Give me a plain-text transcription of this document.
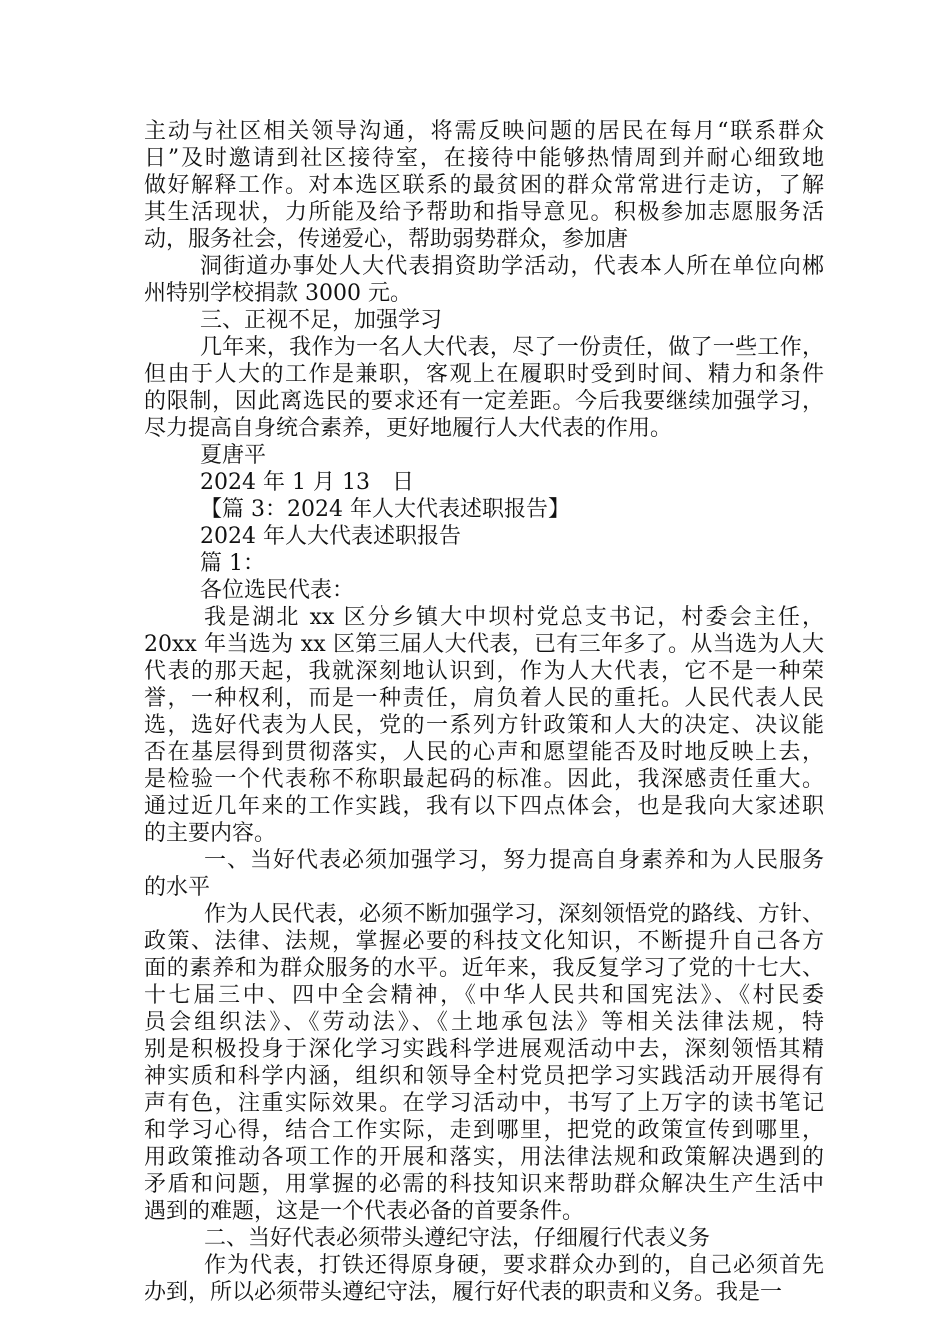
主动与社区相关领导沟通，将需反映问题的居民在每月“联系群众
日”及时邀请到社区接待室，在接待中能够热情周到并耐心细致地
做好解释工作。对本选区联系的最贫困的群众常常进行走访，了解
其生活现状，力所能及给予帮助和指导意见。积极参加志愿服务活
动，服务社会，传递爱心，帮助弱势群众，参加唐
洞街道办事处人大代表捐资助学活动，代表本人所在单位向郴
州特别学校捐款 3000 元。
三、正视不足，加强学习
几年来，我作为一名人大代表，尽了一份责任，做了一些工作，
但由于人大的工作是兼职，客观上在履职时受到时间、精力和条件
的限制，因此离选民的要求还有一定差距。今后我要继续加强学习，
尽力提高自身统合素养，更好地履行人大代表的作用。
夏唐平
2024 年 1 月 13　日
【篇 3：2024 年人大代表述职报告】
2024 年人大代表述职报告
篇 1：
各位选民代表：
我是湖北 xx 区分乡镇大中坝村党总支书记，村委会主任，
20xx 年当选为 xx 区第三届人大代表，已有三年多了。从当选为人大
代表的那天起，我就深刻地认识到，作为人大代表，它不是一种荣
誉，一种权利，而是一种责任，肩负着人民的重托。人民代表人民
选，选好代表为人民，党的一系列方针政策和人大的决定、决议能
否在基层得到贯彻落实，人民的心声和愿望能否及时地反映上去，
是检验一个代表称不称职最起码的标准。因此，我深感责任重大。
通过近几年来的工作实践，我有以下四点体会，也是我向大家述职
的主要内容。
一、当好代表必须加强学习，努力提高自身素养和为人民服务
的水平
作为人民代表，必须不断加强学习，深刻领悟党的路线、方针、
政策、法律、法规，掌握必要的科技文化知识，不断提升自己各方
面的素养和为群众服务的水平。近年来，我反复学习了党的十七大、
十七届三中、四中全会精神，《中华人民共和国宪法》、《村民委
员会组织法》、《劳动法》、《土地承包法》等相关法律法规，特
别是积极投身于深化学习实践科学进展观活动中去，深刻领悟其精
神实质和科学内涵，组织和领导全村党员把学习实践活动开展得有
声有色，注重实际效果。在学习活动中，书写了上万字的读书笔记
和学习心得，结合工作实际，走到哪里，把党的政策宣传到哪里，
用政策推动各项工作的开展和落实，用法律法规和政策解决遇到的
矛盾和问题，用掌握的必需的科技知识来帮助群众解决生产生活中
遇到的难题，这是一个代表必备的首要条件。
二、当好代表必须带头遵纪守法，仔细履行代表义务
作为代表，打铁还得原身硬，要求群众办到的，自己必须首先
办到，所以必须带头遵纪守法，履行好代表的职责和义务。我是一
